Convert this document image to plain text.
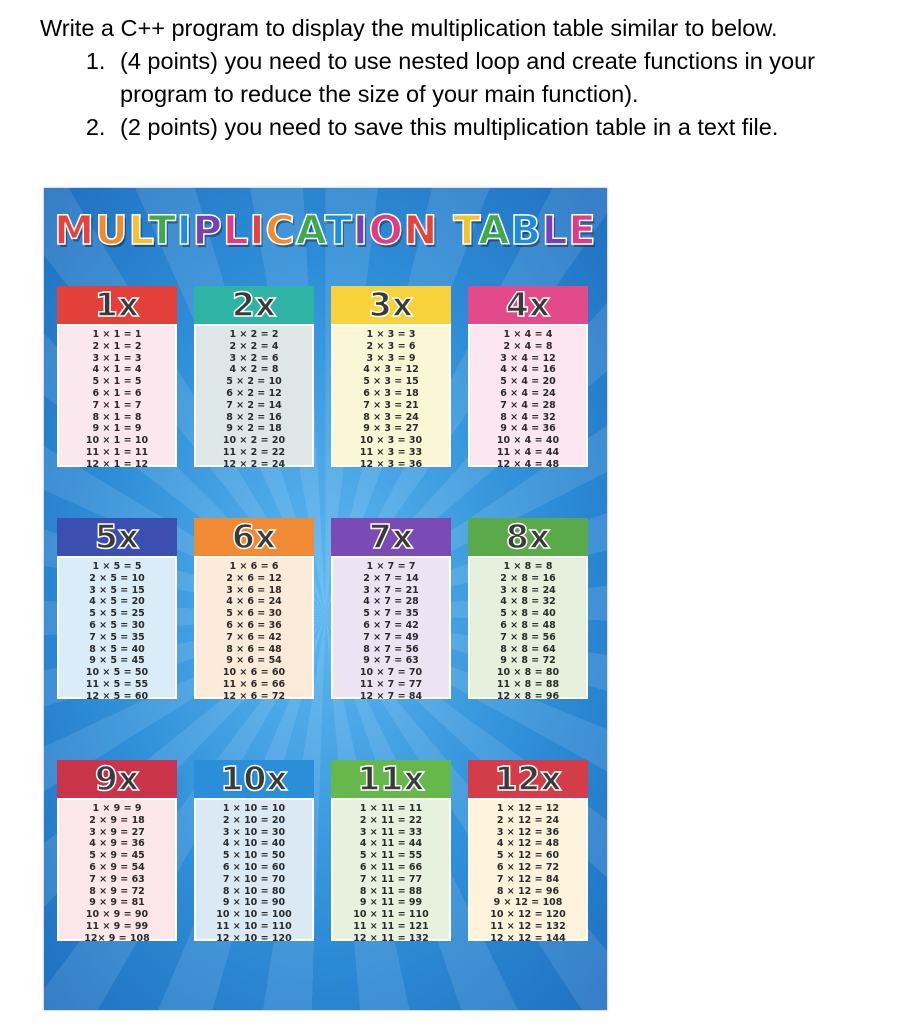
Write a C++ program to display the multiplication table similar to below.

1. (4 points) you need to use nested loop and create functions in your program to reduce the size of your main function).
2. (2 points) you need to save this multiplication table in a text file.
MULTIPLICATION TABLE
1x
1 × 1 = 1
2 × 1 = 2
3 × 1 = 3
4 × 1 = 4
5 × 1 = 5
6 × 1 = 6
7 × 1 = 7
8 × 1 = 8
9 × 1 = 9
10 × 1 = 10
11 × 1 = 11
12 × 1 = 12
2x
1 × 2 = 2
2 × 2 = 4
3 × 2 = 6
4 × 2 = 8
5 × 2 = 10
6 × 2 = 12
7 × 2 = 14
8 × 2 = 16
9 × 2 = 18
10 × 2 = 20
11 × 2 = 22
12 × 2 = 24
3x
1 × 3 = 3
2 × 3 = 6
3 × 3 = 9
4 × 3 = 12
5 × 3 = 15
6 × 3 = 18
7 × 3 = 21
8 × 3 = 24
9 × 3 = 27
10 × 3 = 30
11 × 3 = 33
12 × 3 = 36
4x
1 × 4 = 4
2 × 4 = 8
3 × 4 = 12
4 × 4 = 16
5 × 4 = 20
6 × 4 = 24
7 × 4 = 28
8 × 4 = 32
9 × 4 = 36
10 × 4 = 40
11 × 4 = 44
12 × 4 = 48
5x
1 × 5 = 5
2 × 5 = 10
3 × 5 = 15
4 × 5 = 20
5 × 5 = 25
6 × 5 = 30
7 × 5 = 35
8 × 5 = 40
9 × 5 = 45
10 × 5 = 50
11 × 5 = 55
12 × 5 = 60
6x
1 × 6 = 6
2 × 6 = 12
3 × 6 = 18
4 × 6 = 24
5 × 6 = 30
6 × 6 = 36
7 × 6 = 42
8 × 6 = 48
9 × 6 = 54
10 × 6 = 60
11 × 6 = 66
12 × 6 = 72
7x
1 × 7 = 7
2 × 7 = 14
3 × 7 = 21
4 × 7 = 28
5 × 7 = 35
6 × 7 = 42
7 × 7 = 49
8 × 7 = 56
9 × 7 = 63
10 × 7 = 70
11 × 7 = 77
12 × 7 = 84
8x
1 × 8 = 8
2 × 8 = 16
3 × 8 = 24
4 × 8 = 32
5 × 8 = 40
6 × 8 = 48
7 × 8 = 56
8 × 8 = 64
9 × 8 = 72
10 × 8 = 80
11 × 8 = 88
12 × 8 = 96
9x
1 × 9 = 9
2 × 9 = 18
3 × 9 = 27
4 × 9 = 36
5 × 9 = 45
6 × 9 = 54
7 × 9 = 63
8 × 9 = 72
9 × 9 = 81
10 × 9 = 90
11 × 9 = 99
12× 9 = 108
10x
1 × 10 = 10
2 × 10 = 20
3 × 10 = 30
4 × 10 = 40
5 × 10 = 50
6 × 10 = 60
7 × 10 = 70
8 × 10 = 80
9 × 10 = 90
10 × 10 = 100
11 × 10 = 110
12 × 10 = 120
11x
1 × 11 = 11
2 × 11 = 22
3 × 11 = 33
4 × 11 = 44
5 × 11 = 55
6 × 11 = 66
7 × 11 = 77
8 × 11 = 88
9 × 11 = 99
10 × 11 = 110
11 × 11 = 121
12 × 11 = 132
12x
1 × 12 = 12
2 × 12 = 24
3 × 12 = 36
4 × 12 = 48
5 × 12 = 60
6 × 12 = 72
7 × 12 = 84
8 × 12 = 96
9 × 12 = 108
10 × 12 = 120
11 × 12 = 132
12 × 12 = 144
